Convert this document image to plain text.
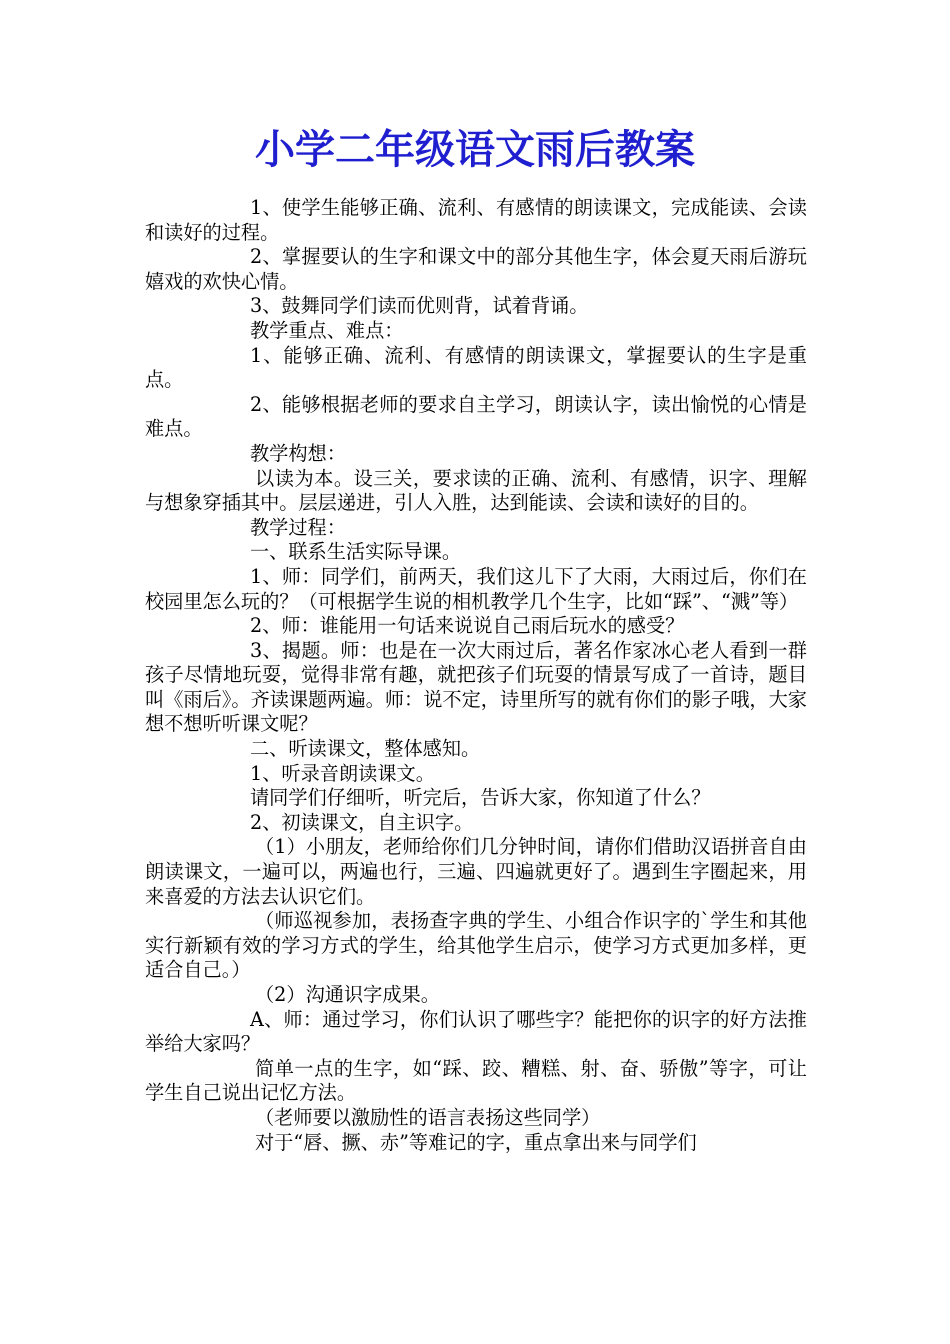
小学二年级语文雨后教案

1、使学生能够正确、流利、有感情的朗读课文，完成能读、会读和读好的过程。

2、掌握要认的生字和课文中的部分其他生字，体会夏天雨后游玩嬉戏的欢快心情。

3、鼓舞同学们读而优则背，试着背诵。

教学重点、难点：

1、能够正确、流利、有感情的朗读课文，掌握要认的生字是重点。

2、能够根据老师的要求自主学习，朗读认字，读出愉悦的心情是难点。

教学构想：

以读为本。设三关，要求读的正确、流利、有感情，识字、理解与想象穿插其中。层层递进，引人入胜，达到能读、会读和读好的目的。

教学过程：

一、联系生活实际导课。

1、师：同学们，前两天，我们这儿下了大雨，大雨过后，你们在校园里怎么玩的？（可根据学生说的相机教学几个生字，比如“踩”、“溅”等）

2、师：谁能用一句话来说说自己雨后玩水的感受？

3、揭题。师：也是在一次大雨过后，著名作家冰心老人看到一群孩子尽情地玩耍，觉得非常有趣，就把孩子们玩耍的情景写成了一首诗，题目叫《雨后》。齐读课题两遍。师：说不定，诗里所写的就有你们的影子哦，大家想不想听听课文呢？

二、听读课文，整体感知。

1、听录音朗读课文。

请同学们仔细听，听完后，告诉大家，你知道了什么？

2、初读课文，自主识字。

（1）小朋友，老师给你们几分钟时间，请你们借助汉语拼音自由朗读课文，一遍可以，两遍也行，三遍、四遍就更好了。遇到生字圈起来，用来喜爱的方法去认识它们。

（师巡视参加，表扬查字典的学生、小组合作识字的`学生和其他实行新颖有效的学习方式的学生，给其他学生启示，使学习方式更加多样，更适合自己。）

（2）沟通识字成果。

A、师：通过学习，你们认识了哪些字？能把你的识字的好方法推举给大家吗？

简单一点的生字，如“踩、跤、糟糕、射、奋、骄傲”等字，可让学生自己说出记忆方法。

（老师要以激励性的语言表扬这些同学）

对于“唇、撅、赤”等难记的字，重点拿出来与同学们
